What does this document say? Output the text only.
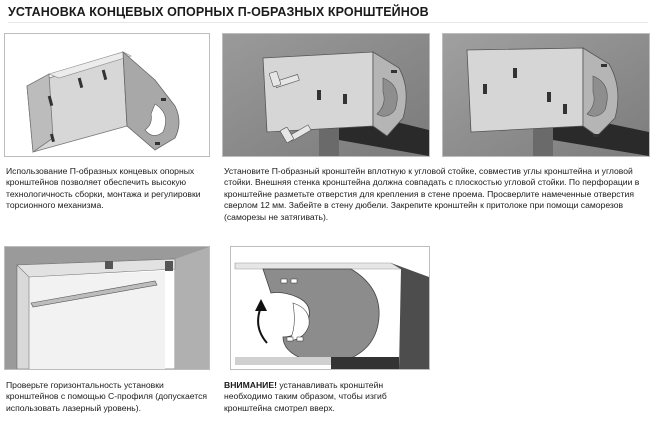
УСТАНОВКА КОНЦЕВЫХ ОПОРНЫХ П-ОБРАЗНЫХ КРОНШТЕЙНОВ
Использование П-образных концевых опорных кронштейнов позволяет обеспечить высокую технологичность сборки, монтажа и регулировки торсионного механизма.
Установите П-образный кронштейн вплотную к угловой стойке, совместив углы кронштейна и угловой стойки. Внешняя стенка кронштейна должна совпадать с плоскостью угловой стойки. По перфорации в кронштейне разметьте отверстия для крепления в стене проема. Просверлите намеченные отверстия сверлом 12 мм. Забейте в стену дюбели. Закрепите кронштейн к притолоке при помощи саморезов (саморезы не затягивать).
Проверьте горизонтальность установки кронштейнов с помощью С-профиля (допускается использовать лазерный уровень).
ВНИМАНИЕ! устанавливать кронштейн необходимо таким образом, чтобы изгиб кронштейна смотрел вверх.
